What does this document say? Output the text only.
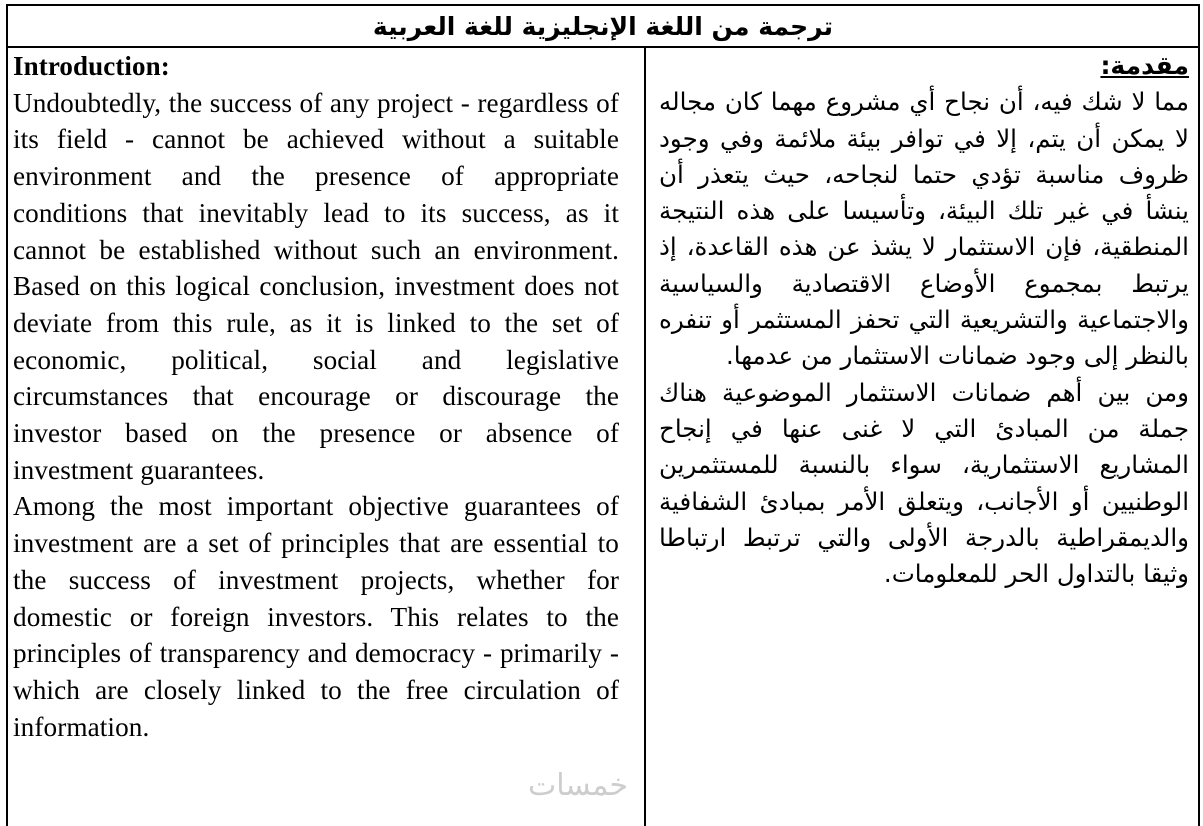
ترجمة من اللغة الإنجليزية للغة العربية

Introduction:

Undoubtedly, the success of any project - regardless of its field - cannot be achieved without a suitable environment and the presence of appropriate conditions that inevitably lead to its success, as it cannot be established without such an environment. Based on this logical conclusion, investment does not deviate from this rule, as it is linked to the set of economic, political, social and legislative circumstances that encourage or discourage the investor based on the presence or absence of investment guarantees.

Among the most important objective guarantees of investment are a set of principles that are essential to the success of investment projects, whether for domestic or foreign investors. This relates to the principles of transparency and democracy - primarily - which are closely linked to the free circulation of information.

مقدمة:

مما لا شك فيه، أن نجاح أي مشروع مهما كان مجاله لا يمكن أن يتم، إلا في توافر بيئة ملائمة وفي وجود ظروف مناسبة تؤدي حتما لنجاحه، حيث يتعذر أن ينشأ في غير تلك البيئة، وتأسيسا على هذه النتيجة المنطقية، فإن الاستثمار لا يشذ عن هذه القاعدة، إذ يرتبط بمجموع الأوضاع الاقتصادية والسياسية والاجتماعية والتشريعية التي تحفز المستثمر أو تنفره بالنظر إلى وجود ضمانات الاستثمار من عدمها.

ومن بين أهم ضمانات الاستثمار الموضوعية هناك جملة من المبادئ التي لا غنى عنها في إنجاح المشاريع الاستثمارية، سواء بالنسبة للمستثمرين الوطنيين أو الأجانب، ويتعلق الأمر بمبادئ الشفافية والديمقراطية بالدرجة الأولى والتي ترتبط ارتباطا وثيقا بالتداول الحر للمعلومات.

خمسات
